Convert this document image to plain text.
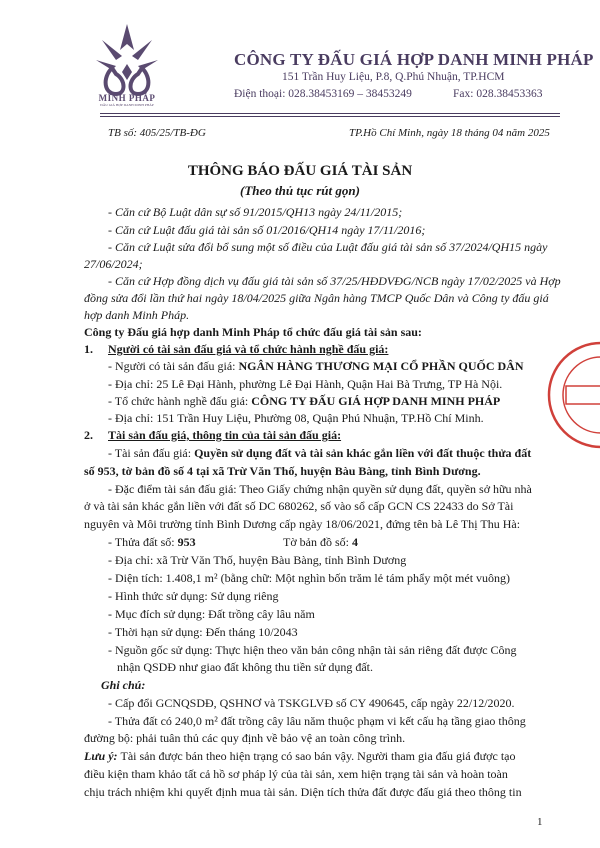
MINH PHÁP
ĐẤU GIÁ HỢP DANH MINH PHÁP
CÔNG TY ĐẤU GIÁ HỢP DANH MINH PHÁP
151 Trần Huy Liệu, P.8, Q.Phú Nhuận, TP.HCM
Điện thoại: 028.38453169 – 38453249	Fax: 028.38453363
TB số: 405/25/TB-ĐG	TP.Hồ Chí Minh, ngày 18 tháng 04 năm 2025
THÔNG BÁO ĐẤU GIÁ TÀI SẢN
(Theo thủ tục rút gọn)
- Căn cứ Bộ Luật dân sự số 91/2015/QH13 ngày 24/11/2015;
- Căn cứ Luật đấu giá tài sản số 01/2016/QH14 ngày 17/11/2016;
- Căn cứ Luật sửa đổi bổ sung một số điều của Luật đấu giá tài sản số 37/2024/QH15 ngày
27/06/2024;
- Căn cứ Hợp đồng dịch vụ đấu giá tài sản số 37/25/HĐDVĐG/NCB ngày 17/02/2025 và Hợp
đồng sửa đổi lần thứ hai ngày 18/04/2025 giữa Ngân hàng TMCP Quốc Dân và Công ty đấu giá
hợp danh Minh Pháp.
Công ty Đấu giá hợp danh Minh Pháp tổ chức đấu giá tài sản sau:
1. Người có tài sản đấu giá và tổ chức hành nghề đấu giá:
- Người có tài sản đấu giá: NGÂN HÀNG THƯƠNG MẠI CỔ PHẦN QUỐC DÂN
- Địa chỉ: 25 Lê Đại Hành, phường Lê Đại Hành, Quận Hai Bà Trưng, TP Hà Nội.
- Tổ chức hành nghề đấu giá: CÔNG TY ĐẤU GIÁ HỢP DANH MINH PHÁP
- Địa chỉ: 151 Trần Huy Liệu, Phường 08, Quận Phú Nhuận, TP.Hồ Chí Minh.
2. Tài sản đấu giá, thông tin của tài sản đấu giá:
- Tài sản đấu giá: Quyền sử dụng đất và tài sản khác gắn liền với đất thuộc thửa đất
số 953, tờ bản đồ số 4 tại xã Trừ Văn Thố, huyện Bàu Bàng, tỉnh Bình Dương.
- Đặc điểm tài sản đấu giá: Theo Giấy chứng nhận quyền sử dụng đất, quyền sở hữu nhà
ở và tài sản khác gắn liền với đất số DC 680262, số vào sổ cấp GCN CS 22433 do Sở Tài
nguyên và Môi trường tỉnh Bình Dương cấp ngày 18/06/2021, đứng tên bà Lê Thị Thu Hà:
- Thửa đất số: 953	Tờ bản đồ số: 4
- Địa chỉ: xã Trừ Văn Thố, huyện Bàu Bàng, tỉnh Bình Dương
- Diện tích: 1.408,1 m² (bằng chữ: Một nghìn bốn trăm lẻ tám phẩy một mét vuông)
- Hình thức sử dụng: Sử dụng riêng
- Mục đích sử dụng: Đất trồng cây lâu năm
- Thời hạn sử dụng: Đến tháng 10/2043
- Nguồn gốc sử dụng: Thực hiện theo văn bản công nhận tài sản riêng đất được Công
nhận QSDĐ như giao đất không thu tiền sử dụng đất.
Ghi chú:
- Cấp đổi GCNQSDĐ, QSHNƠ và TSKGLVĐ số CY 490645, cấp ngày 22/12/2020.
- Thửa đất có 240,0 m² đất trồng cây lâu năm thuộc phạm vi kết cấu hạ tầng giao thông
đường bộ: phải tuân thủ các quy định về bảo vệ an toàn công trình.
Lưu ý: Tài sản được bán theo hiện trạng có sao bán vậy. Người tham gia đấu giá được tạo
điều kiện tham khảo tất cả hồ sơ pháp lý của tài sản, xem hiện trạng tài sản và hoàn toàn
chịu trách nhiệm khi quyết định mua tài sản. Diện tích thửa đất được đấu giá theo thông tin
1
